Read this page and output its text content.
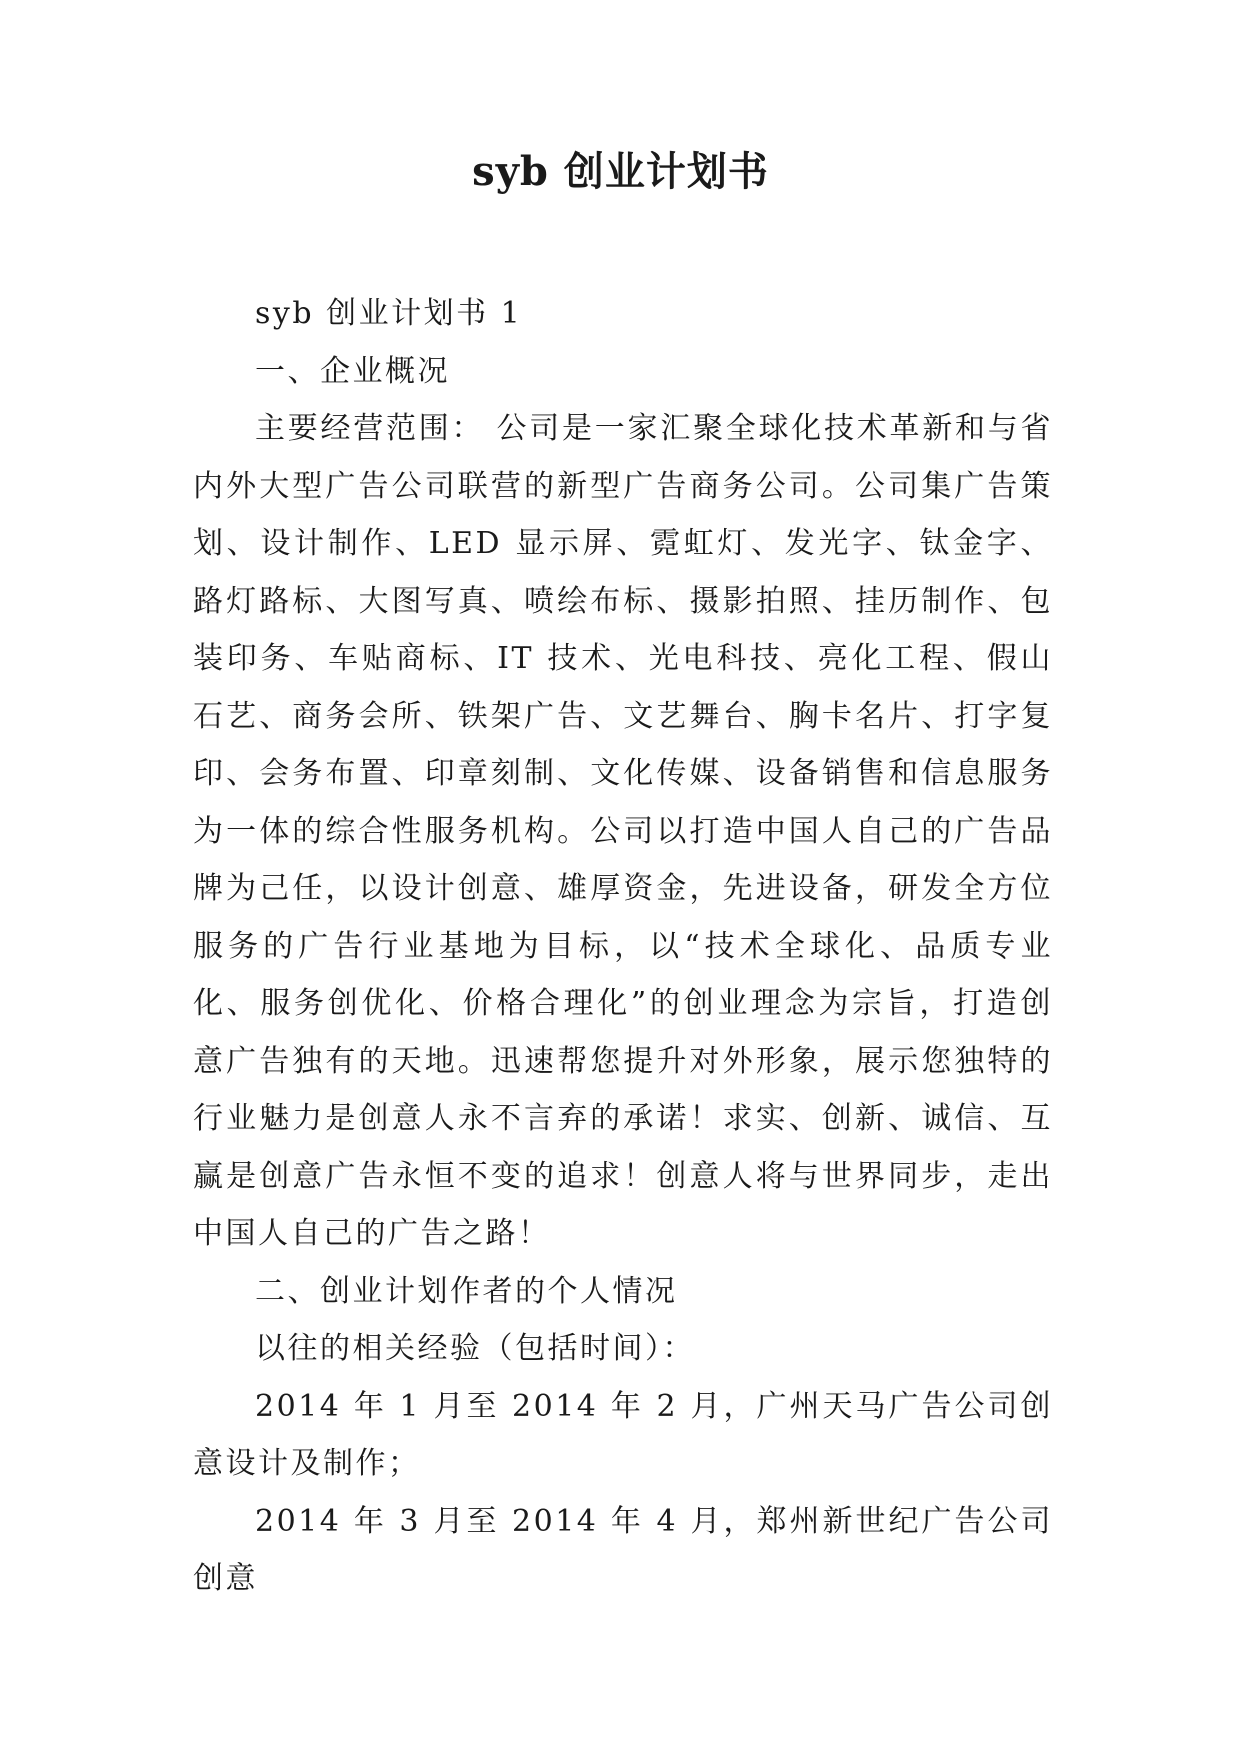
syb 创业计划书

syb 创业计划书 1

一、企业概况

主要经营范围： 公司是一家汇聚全球化技术革新和与省内外大型广告公司联营的新型广告商务公司。公司集广告策划、设计制作、LED 显示屏、霓虹灯、发光字、钛金字、路灯路标、大图写真、喷绘布标、摄影拍照、挂历制作、包装印务、车贴商标、IT 技术、光电科技、亮化工程、假山石艺、商务会所、铁架广告、文艺舞台、胸卡名片、打字复印、会务布置、印章刻制、文化传媒、设备销售和信息服务为一体的综合性服务机构。公司以打造中国人自己的广告品牌为己任，以设计创意、雄厚资金，先进设备，研发全方位服务的广告行业基地为目标，以“技术全球化、品质专业化、服务创优化、价格合理化”的创业理念为宗旨，打造创意广告独有的天地。迅速帮您提升对外形象，展示您独特的行业魅力是创意人永不言弃的承诺！求实、创新、诚信、互赢是创意广告永恒不变的追求！创意人将与世界同步，走出中国人自己的广告之路！

二、创业计划作者的个人情况

以往的相关经验（包括时间）：

2014 年 1 月至 2014 年 2 月，广州天马广告公司创意设计及制作；

2014 年 3 月至 2014 年 4 月，郑州新世纪广告公司创意
